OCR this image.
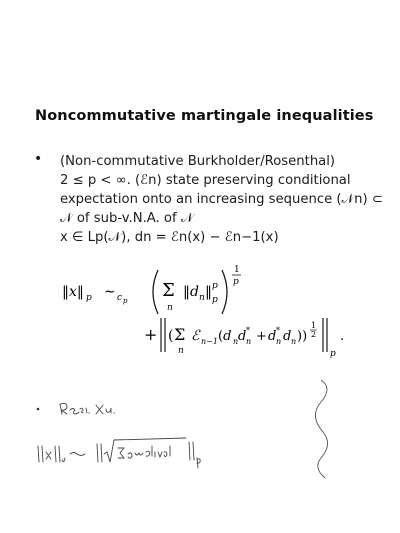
Noncommutative martingale inequalities
• (Non-commutative Burkholder/Rosenthal)
2 ≤ p < ∞. (ℰn) state preserving conditional
expectation onto an increasing sequence (𝒩n) ⊂
𝒩 of sub-v.N.A. of 𝒩
x ∈ Lp(𝒩), dn = ℰn(x) − ℰn−1(x)
‖x‖ p ∼ c p Σ
n
‖d n ‖ p
p
1
p
+ ( Σ
n
ℰ n−1 (d n d *
n + d *
n d n ))
1
2
p
.
